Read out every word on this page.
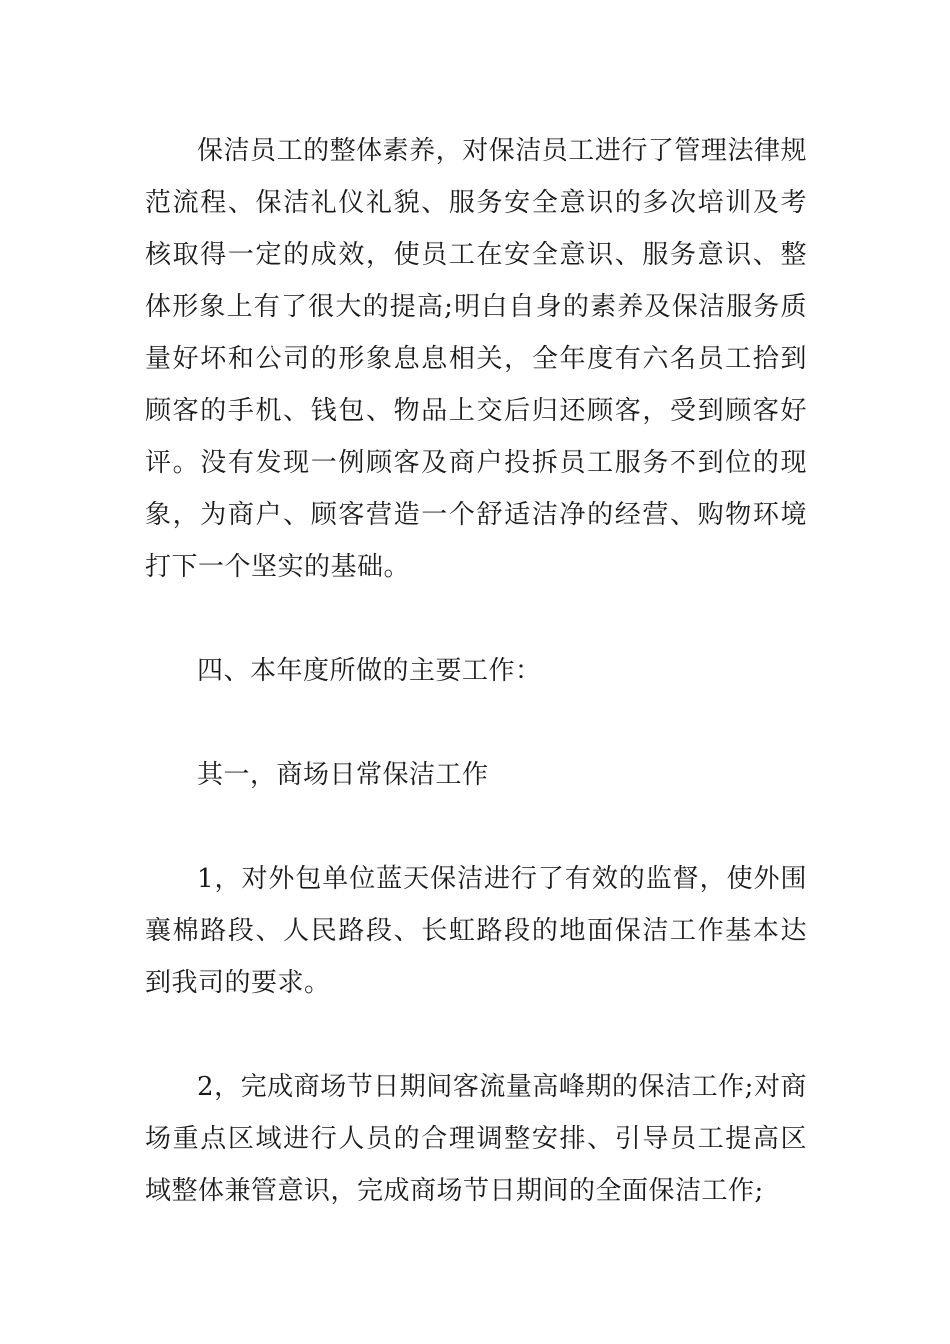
保洁员工的整体素养，对保洁员工进行了管理法律规范流程、保洁礼仪礼貌、服务安全意识的多次培训及考核取得一定的成效，使员工在安全意识、服务意识、整体形象上有了很大的提高;明白自身的素养及保洁服务质量好坏和公司的形象息息相关，全年度有六名员工拾到顾客的手机、钱包、物品上交后归还顾客，受到顾客好评。没有发现一例顾客及商户投拆员工服务不到位的现象，为商户、顾客营造一个舒适洁净的经营、购物环境打下一个坚实的基础。

四、本年度所做的主要工作：

其一，商场日常保洁工作

1，对外包单位蓝天保洁进行了有效的监督，使外围襄棉路段、人民路段、长虹路段的地面保洁工作基本达到我司的要求。

2，完成商场节日期间客流量高峰期的保洁工作;对商场重点区域进行人员的合理调整安排、引导员工提高区域整体兼管意识，完成商场节日期间的全面保洁工作;
